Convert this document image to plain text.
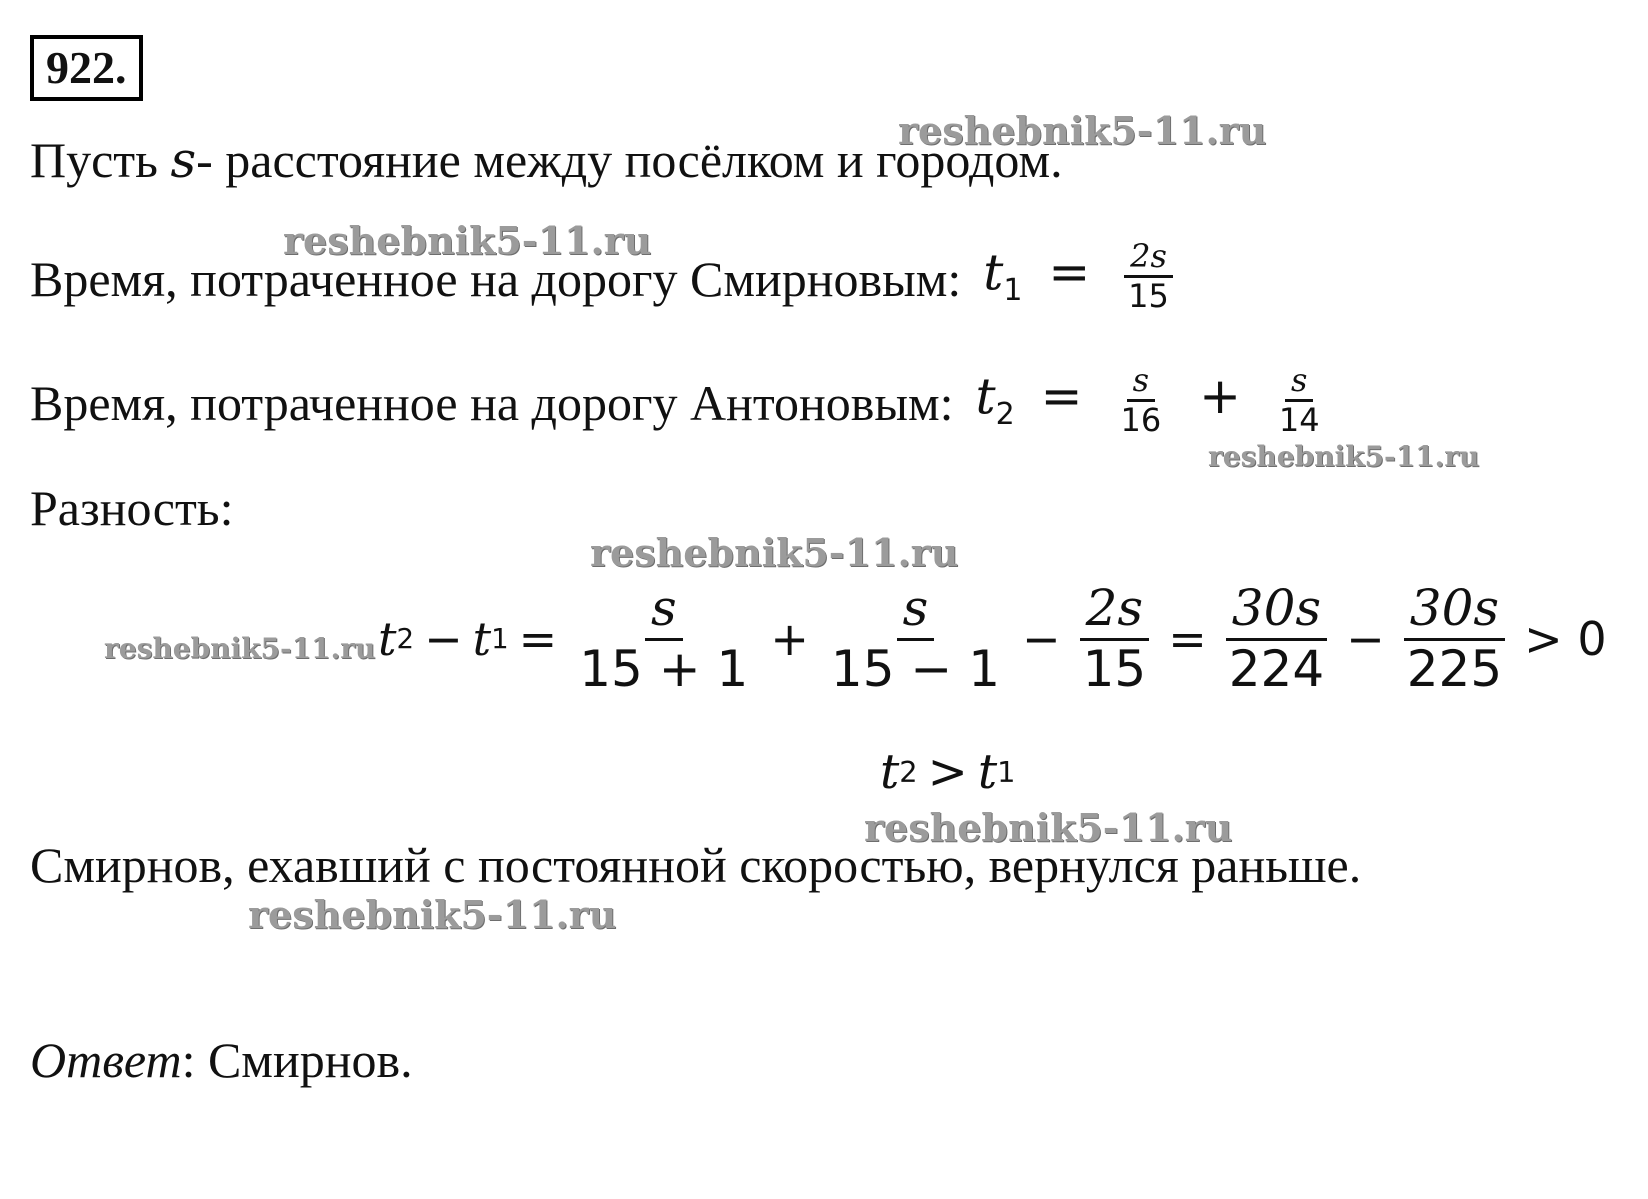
922.
Пусть
s - расстояние между посёлком и городом.
Время, потраченное на дорогу Смирновым: $t_1 = \frac{2s}{15}$
Время, потраченное на дорогу Антоновым: $t_2 = \frac{s}{16} + \frac{s}{14}$
Разность:
t 2 − t $1 = \frac{s}{15 + 1} + \frac{s}{15 - 1} - \frac{2s}{15} = \frac{30s}{224} - \frac{30s}{225} > 0$
t 2 > t 1
Смирнов, ехавший с постоянной скоростью, вернулся раньше.
Ответ : Смирнов.
reshebnik5-11.ru
reshebnik5-11.ru
reshebnik5-11.ru
reshebnik5-11.ru
reshebnik5-11.ru
reshebnik5-11.ru
reshebnik5-11.ru
